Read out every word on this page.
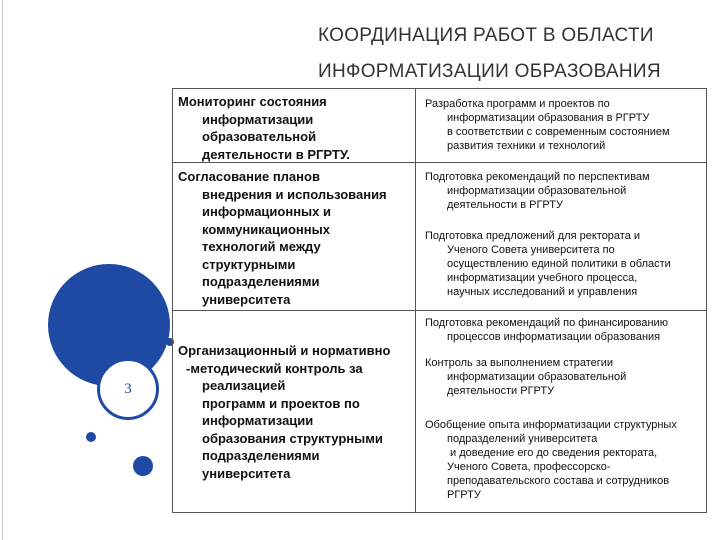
КООРДИНАЦИЯ РАБОТ В ОБЛАСТИ
ИНФОРМАТИЗАЦИИ ОБРАЗОВАНИЯ
3
Мониторинг состояния
информатизации
образовательной
деятельности в РГРТУ.
Согласование планов
внедрения и использования
информационных и
коммуникационных
технологий между
структурными
подразделениями
университета
Организационный и нормативно
-методический контроль за
реализацией
программ и проектов по
информатизации
образования структурными
подразделениями
университета
Разработка программ и проектов по
информатизации образования в РГРТУ
в соответствии с современным состоянием
развития техники и технологий
Подготовка рекомендаций по перспективам
информатизации образовательной
деятельности в РГРТУ
Подготовка предложений для ректората и
Ученого Совета университета по
осуществлению единой политики в области
информатизации учебного процесса,
научных исследований и управления
Подготовка рекомендаций по финансированию
процессов информатизации образования
Контроль за выполнением стратегии
информатизации образовательной
деятельности РГРТУ
Обобщение опыта информатизации структурных
подразделений университета
и доведение его до сведения ректората,
Ученого Совета, профессорско-
преподавательского состава и сотрудников
РГРТУ
